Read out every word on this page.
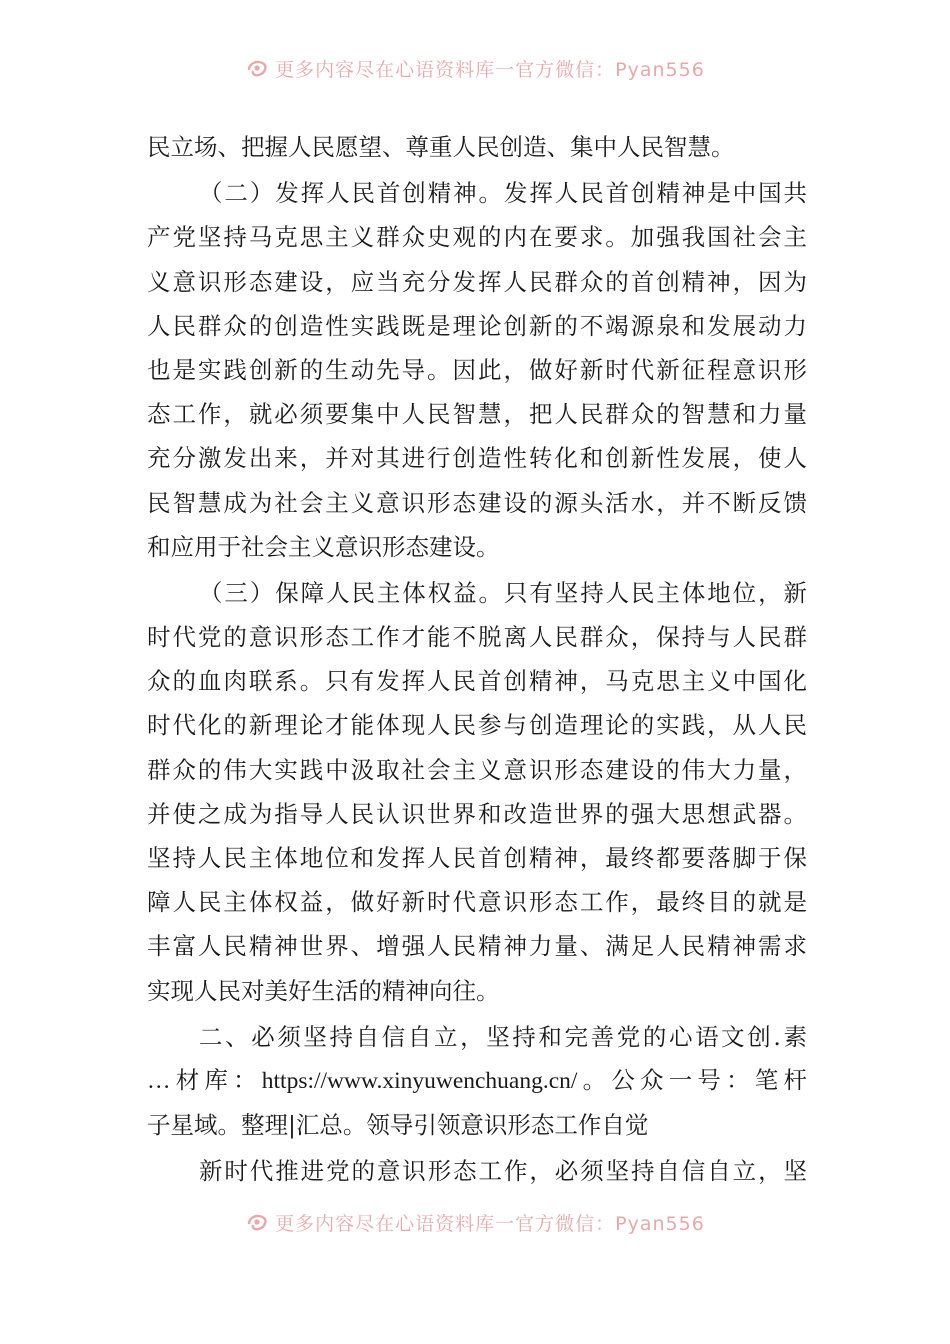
更多内容尽在心语资料库一官方微信：Pyan556
民立场、把握人民愿望、尊重人民创造、集中人民智慧。
（二）发挥人民首创精神。发挥人民首创精神是中国共
产党坚持马克思主义群众史观的内在要求。加强我国社会主
义意识形态建设，应当充分发挥人民群众的首创精神，因为
人民群众的创造性实践既是理论创新的不竭源泉和发展动力
也是实践创新的生动先导。因此，做好新时代新征程意识形
态工作，就必须要集中人民智慧，把人民群众的智慧和力量
充分激发出来，并对其进行创造性转化和创新性发展，使人
民智慧成为社会主义意识形态建设的源头活水，并不断反馈
和应用于社会主义意识形态建设。
（三）保障人民主体权益。只有坚持人民主体地位，新
时代党的意识形态工作才能不脱离人民群众，保持与人民群
众的血肉联系。只有发挥人民首创精神，马克思主义中国化
时代化的新理论才能体现人民参与创造理论的实践，从人民
群众的伟大实践中汲取社会主义意识形态建设的伟大力量，
并使之成为指导人民认识世界和改造世界的强大思想武器。
坚持人民主体地位和发挥人民首创精神，最终都要落脚于保
障人民主体权益，做好新时代意识形态工作，最终目的就是
丰富人民精神世界、增强人民精神力量、满足人民精神需求
实现人民对美好生活的精神向往。
二、必须坚持自信自立，坚持和完善党的心语文创.素
…材库：https://www.xinyuwenchuang.cn/。公众一号：笔杆
子星域。整理|汇总。领导引领意识形态工作自觉
新时代推进党的意识形态工作，必须坚持自信自立，坚
更多内容尽在心语资料库一官方微信：Pyan556
